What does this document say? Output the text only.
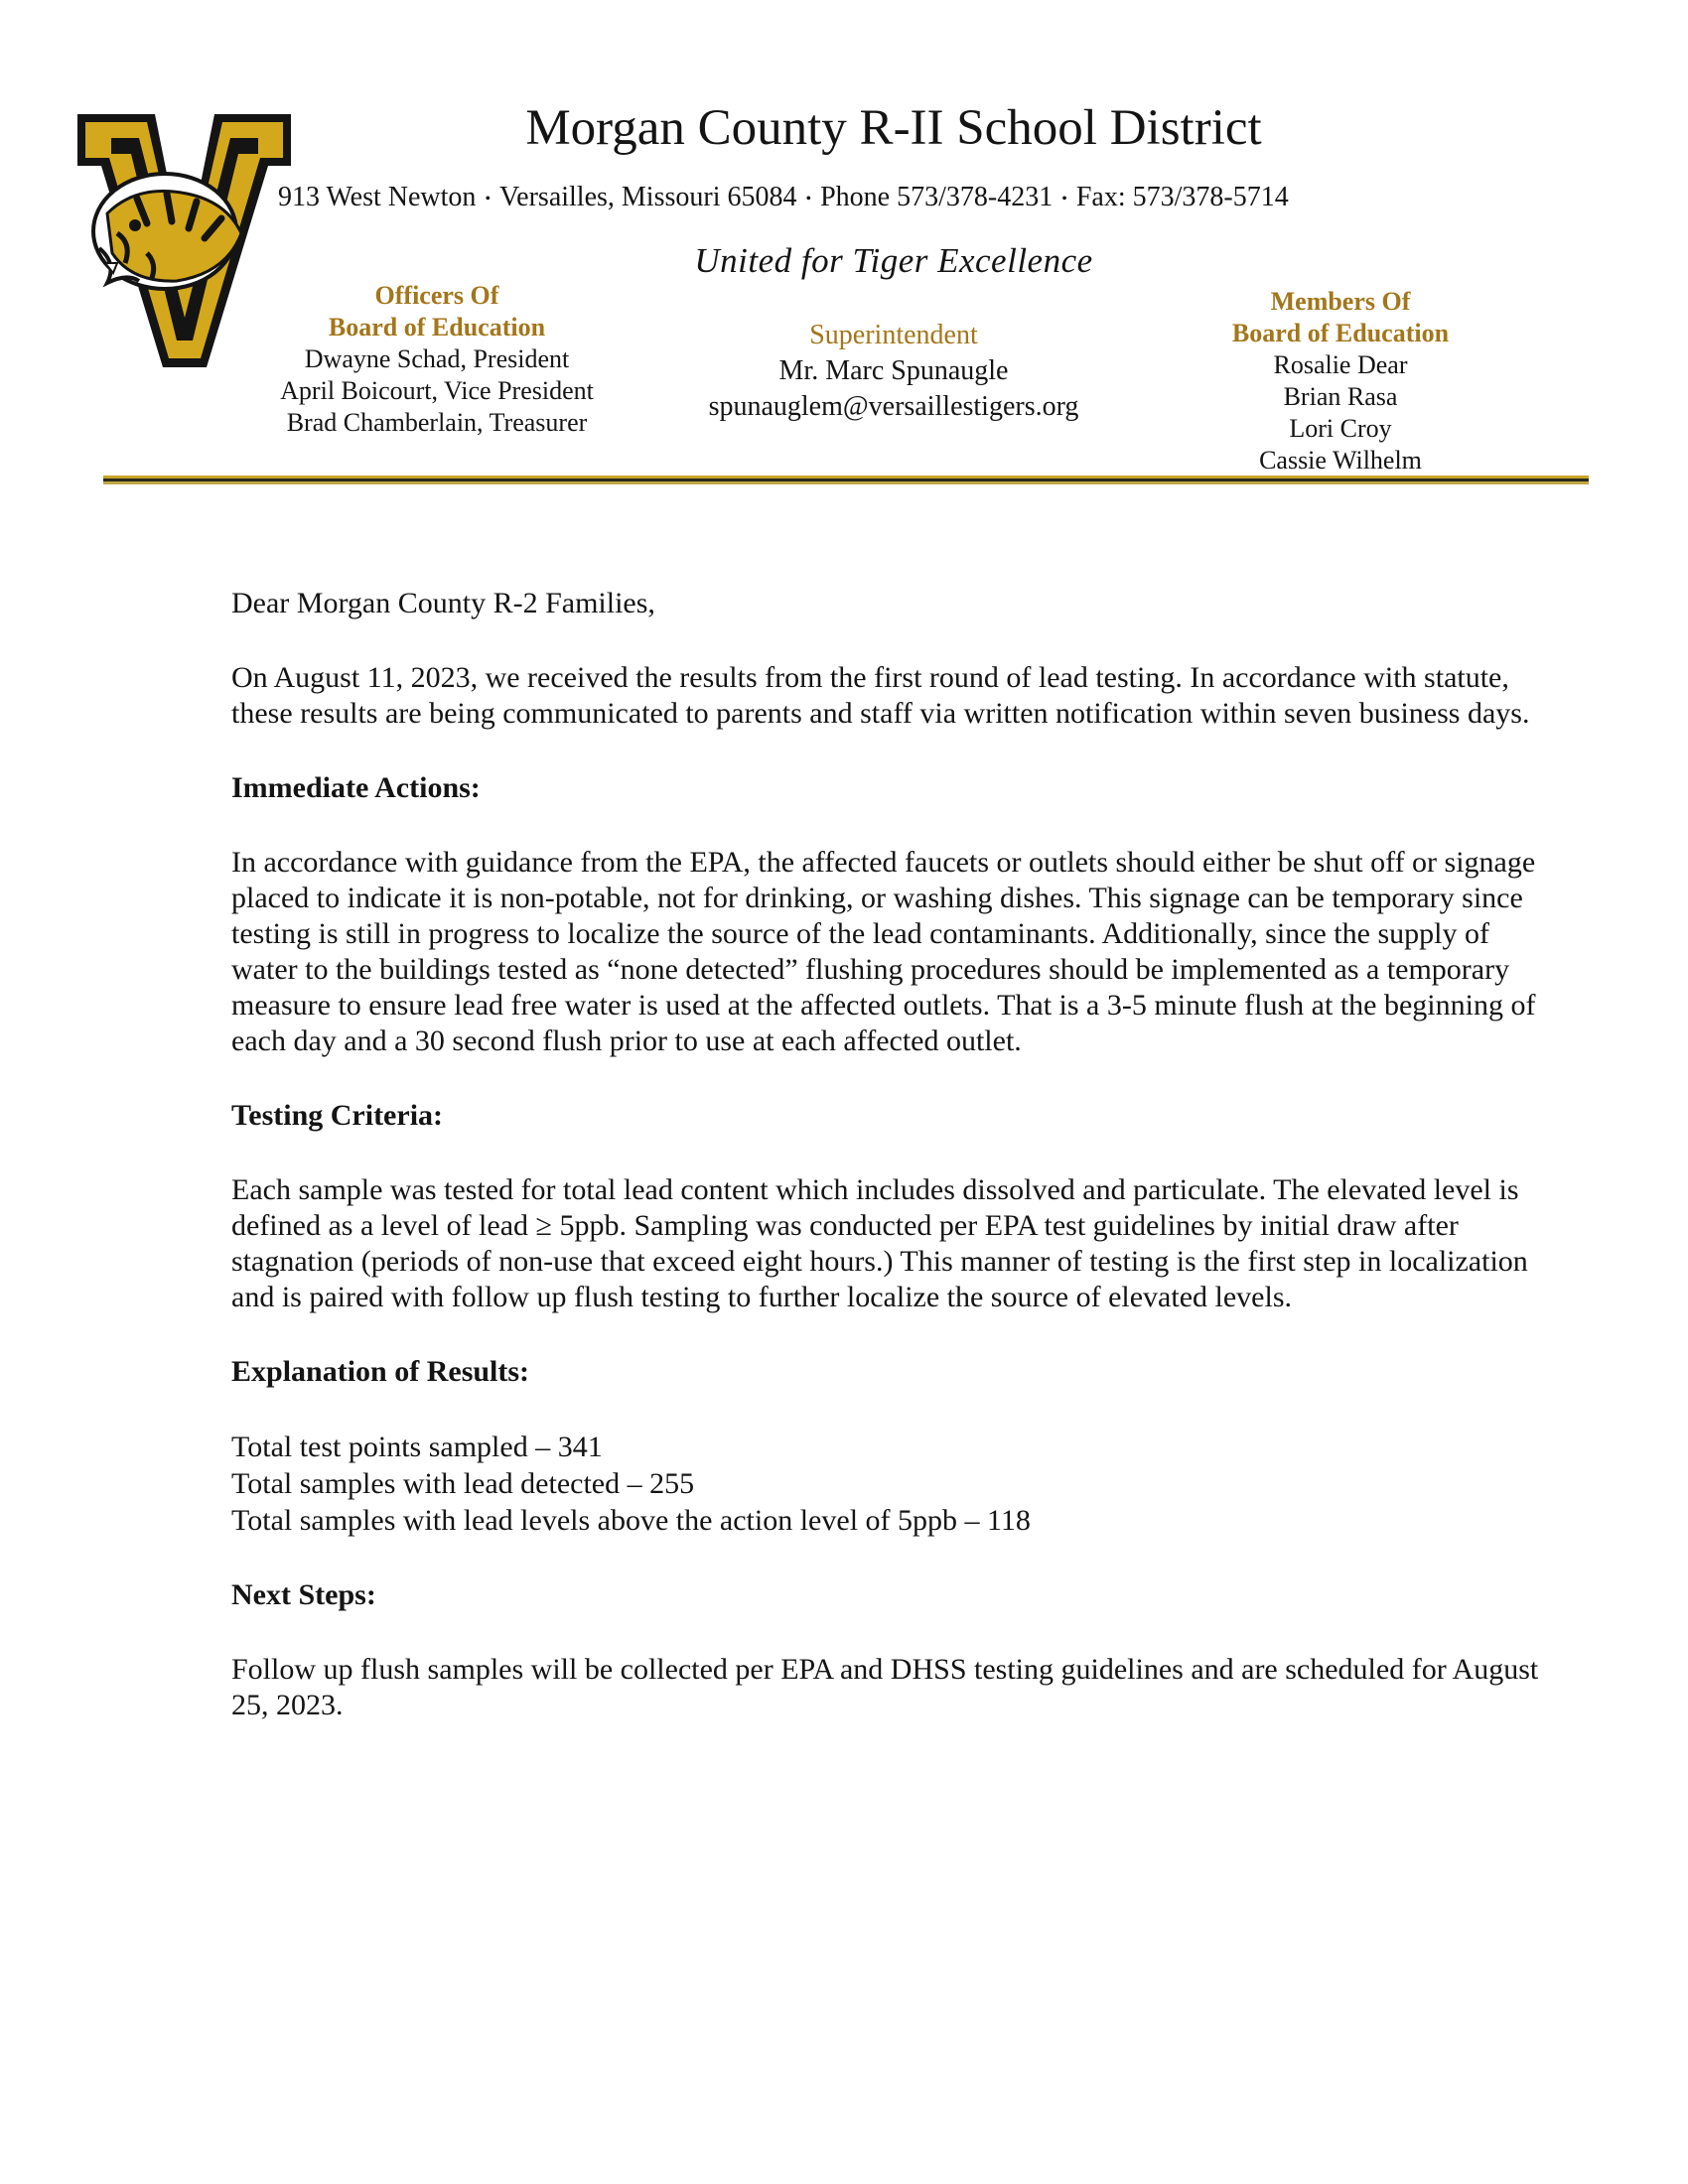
Morgan County R-II School District
913 West Newton • Versailles, Missouri 65084 • Phone 573/378-4231 • Fax: 573/378-5714
United for Tiger Excellence
Officers Of
Board of Education
Dwayne Schad, President
April Boicourt, Vice President
Brad Chamberlain, Treasurer
Superintendent
Mr. Marc Spunaugle
spunauglem@versaillestigers.org
Members Of
Board of Education
Rosalie Dear
Brian Rasa
Lori Croy
Cassie Wilhelm

Dear Morgan County R-2 Families,

On August 11, 2023, we received the results from the first round of lead testing. In accordance with statute, these results are being communicated to parents and staff via written notification within seven business days.

Immediate Actions:

In accordance with guidance from the EPA, the affected faucets or outlets should either be shut off or signage placed to indicate it is non-potable, not for drinking, or washing dishes. This signage can be temporary since testing is still in progress to localize the source of the lead contaminants. Additionally, since the supply of water to the buildings tested as “none detected” flushing procedures should be implemented as a temporary measure to ensure lead free water is used at the affected outlets. That is a 3-5 minute flush at the beginning of each day and a 30 second flush prior to use at each affected outlet.

Testing Criteria:

Each sample was tested for total lead content which includes dissolved and particulate. The elevated level is defined as a level of lead ≥ 5ppb. Sampling was conducted per EPA test guidelines by initial draw after stagnation (periods of non-use that exceed eight hours.) This manner of testing is the first step in localization and is paired with follow up flush testing to further localize the source of elevated levels.

Explanation of Results:

Total test points sampled – 341
Total samples with lead detected – 255
Total samples with lead levels above the action level of 5ppb – 118

Next Steps:

Follow up flush samples will be collected per EPA and DHSS testing guidelines and are scheduled for August 25, 2023.
